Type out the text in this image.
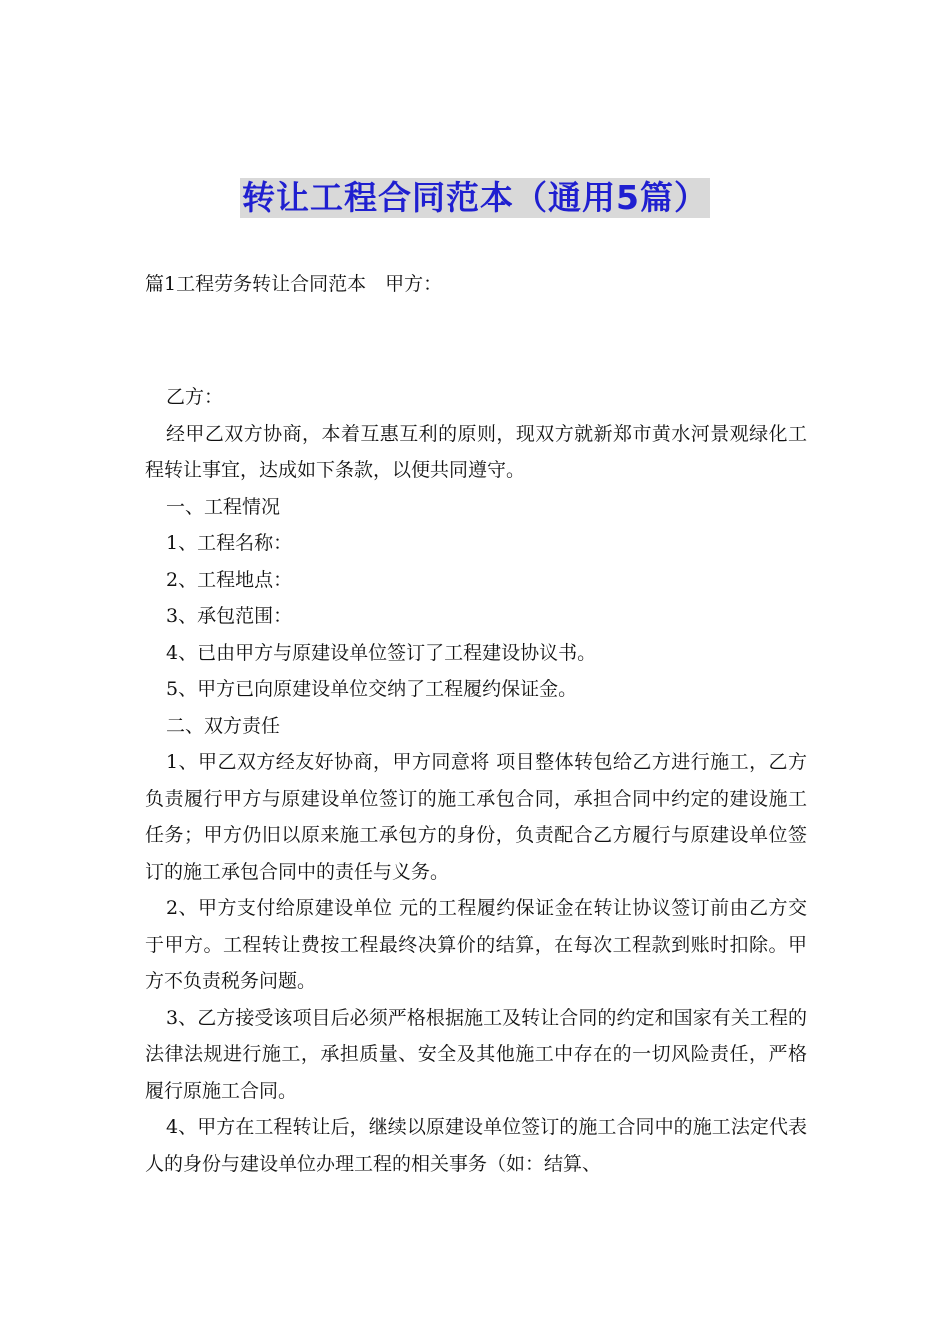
转让工程合同范本（通用5篇）
篇1工程劳务转让合同范本　甲方：

乙方：

经甲乙双方协商，本着互惠互利的原则，现双方就新郑市黄水河景观绿化工程转让事宜，达成如下条款，以便共同遵守。

一、工程情况

1、工程名称：

2、工程地点：

3、承包范围：

4、已由甲方与原建设单位签订了工程建设协议书。

5、甲方已向原建设单位交纳了工程履约保证金。

二、双方责任

1、甲乙双方经友好协商，甲方同意将 项目整体转包给乙方进行施工，乙方负责履行甲方与原建设单位签订的施工承包合同，承担合同中约定的建设施工任务；甲方仍旧以原来施工承包方的身份，负责配合乙方履行与原建设单位签订的施工承包合同中的责任与义务。

2、甲方支付给原建设单位 元的工程履约保证金在转让协议签订前由乙方交于甲方。工程转让费按工程最终决算价的结算，在每次工程款到账时扣除。甲方不负责税务问题。

3、乙方接受该项目后必须严格根据施工及转让合同的约定和国家有关工程的法律法规进行施工，承担质量、安全及其他施工中存在的一切风险责任，严格履行原施工合同。

4、甲方在工程转让后，继续以原建设单位签订的施工合同中的施工法定代表人的身份与建设单位办理工程的相关事务（如：结算、
